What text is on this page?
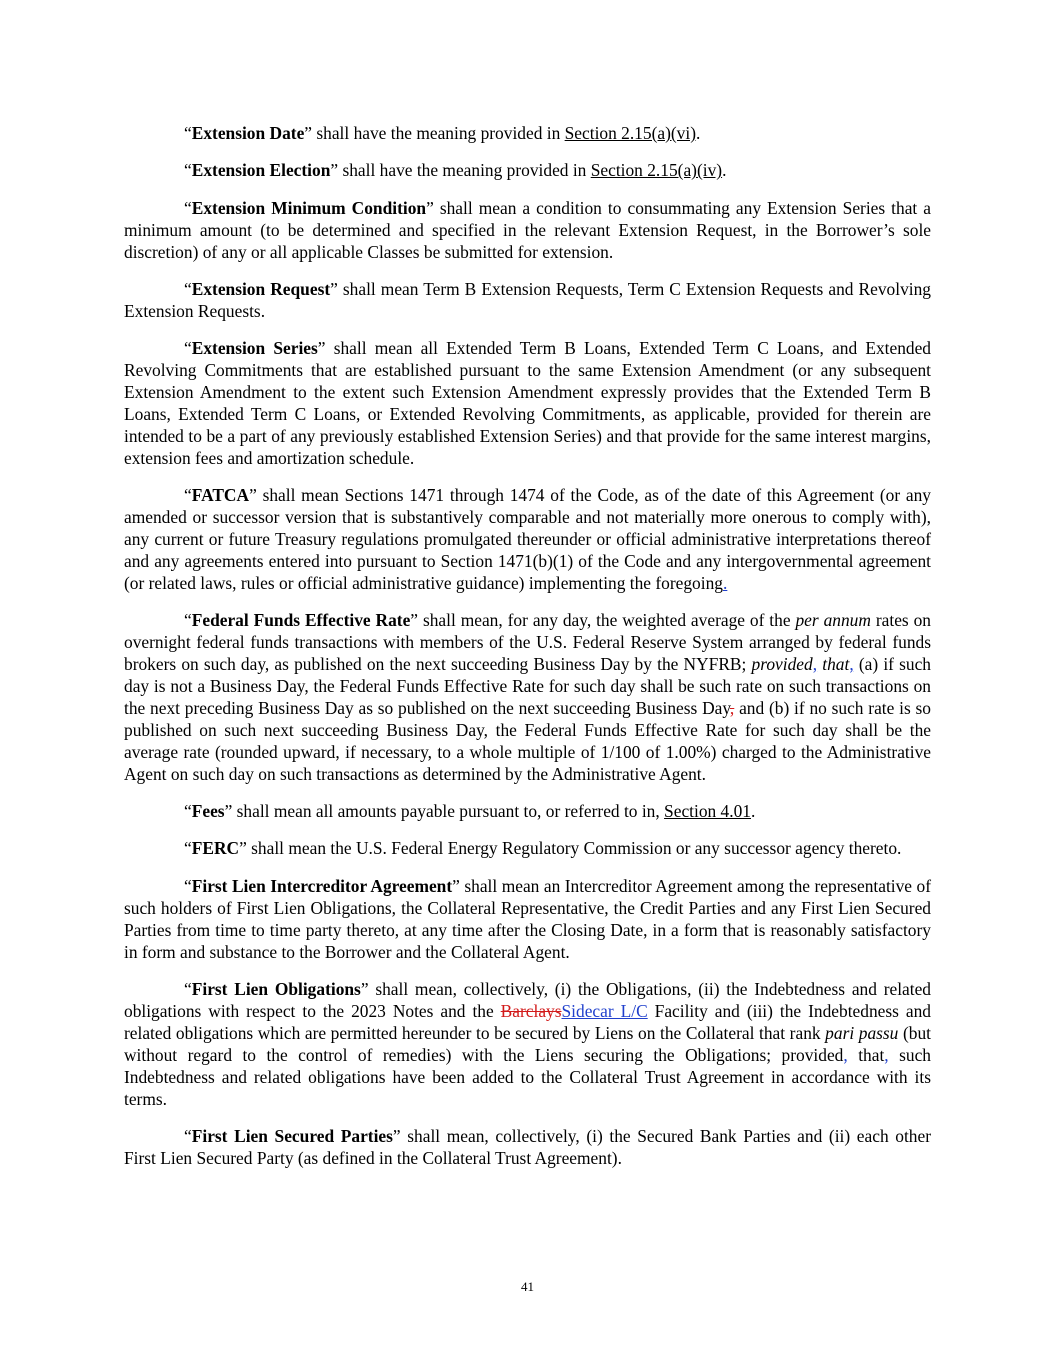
“Extension Date” shall have the meaning provided in Section 2.15(a)(vi).

“Extension Election” shall have the meaning provided in Section 2.15(a)(iv).

“Extension Minimum Condition” shall mean a condition to consummating any Extension Series that a minimum amount (to be determined and specified in the relevant Extension Request, in the Borrower’s sole discretion) of any or all applicable Classes be submitted for extension.

“Extension Request” shall mean Term B Extension Requests, Term C Extension Requests and Revolving Extension Requests.

“Extension Series” shall mean all Extended Term B Loans, Extended Term C Loans, and Extended Revolving Commitments that are established pursuant to the same Extension Amendment (or any subsequent Extension Amendment to the extent such Extension Amendment expressly provides that the Extended Term B Loans, Extended Term C Loans, or Extended Revolving Commitments, as applicable, provided for therein are intended to be a part of any previously established Extension Series) and that provide for the same interest margins, extension fees and amortization schedule.

“FATCA” shall mean Sections 1471 through 1474 of the Code, as of the date of this Agreement (or any amended or successor version that is substantively comparable and not materially more onerous to comply with), any current or future Treasury regulations promulgated thereunder or official administrative interpretations thereof and any agreements entered into pursuant to Section 1471(b)(1) of the Code and any intergovernmental agreement (or related laws, rules or official administrative guidance) implementing the foregoing.

“Federal Funds Effective Rate” shall mean, for any day, the weighted average of the per annum rates on overnight federal funds transactions with members of the U.S. Federal Reserve System arranged by federal funds brokers on such day, as published on the next succeeding Business Day by the NYFRB; provided, that, (a) if such day is not a Business Day, the Federal Funds Effective Rate for such day shall be such rate on such transactions on the next preceding Business Day as so published on the next succeeding Business Day, and (b) if no such rate is so published on such next succeeding Business Day, the Federal Funds Effective Rate for such day shall be the average rate (rounded upward, if necessary, to a whole multiple of 1/100 of 1.00%) charged to the Administrative Agent on such day on such transactions as determined by the Administrative Agent.

“Fees” shall mean all amounts payable pursuant to, or referred to in, Section 4.01.

“FERC” shall mean the U.S. Federal Energy Regulatory Commission or any successor agency thereto.

“First Lien Intercreditor Agreement” shall mean an Intercreditor Agreement among the representative of such holders of First Lien Obligations, the Collateral Representative, the Credit Parties and any First Lien Secured Parties from time to time party thereto, at any time after the Closing Date, in a form that is reasonably satisfactory in form and substance to the Borrower and the Collateral Agent.

“First Lien Obligations” shall mean, collectively, (i) the Obligations, (ii) the Indebtedness and related obligations with respect to the 2023 Notes and the BarclaysSidecar L/C Facility and (iii) the Indebtedness and related obligations which are permitted hereunder to be secured by Liens on the Collateral that rank pari passu (but without regard to the control of remedies) with the Liens securing the Obligations; provided, that, such Indebtedness and related obligations have been added to the Collateral Trust Agreement in accordance with its terms.

“First Lien Secured Parties” shall mean, collectively, (i) the Secured Bank Parties and (ii) each other First Lien Secured Party (as defined in the Collateral Trust Agreement).

41
